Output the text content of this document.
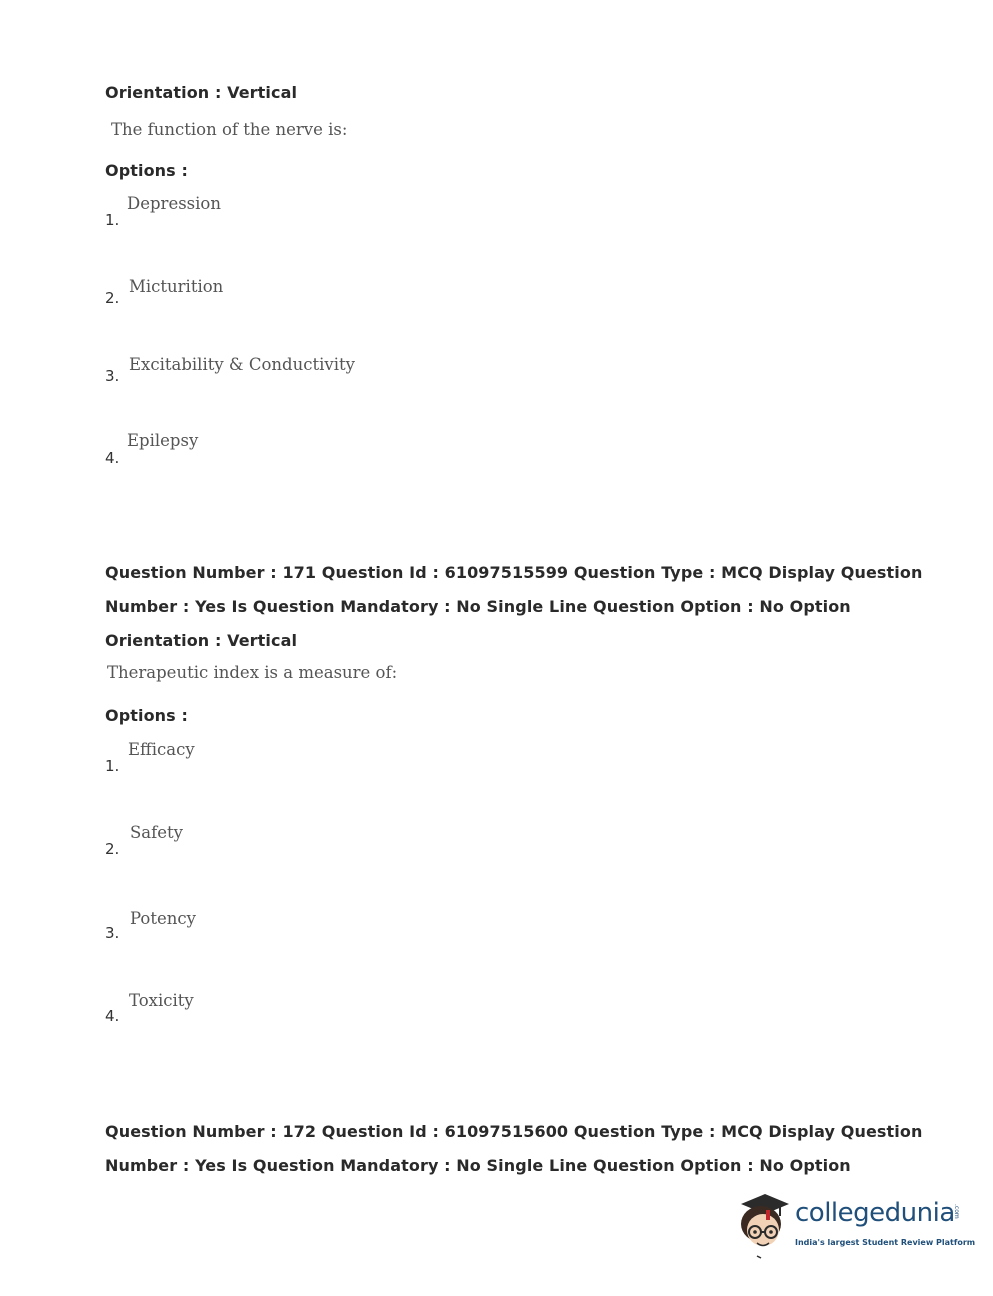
Orientation : Vertical
The function of the nerve is:
Options :
1.
Depression
2.
Micturition
3.
Excitability & Conductivity
4.
Epilepsy
Question Number : 171 Question Id : 61097515599 Question Type : MCQ Display Question
Number : Yes Is Question Mandatory : No Single Line Question Option : No Option
Orientation : Vertical
Therapeutic index is a measure of:
Options :
1.
Efficacy
2.
Safety
3.
Potency
4.
Toxicity
Question Number : 172 Question Id : 61097515600 Question Type : MCQ Display Question
Number : Yes Is Question Mandatory : No Single Line Question Option : No Option
collegedunia
.com
India's largest Student Review Platform
